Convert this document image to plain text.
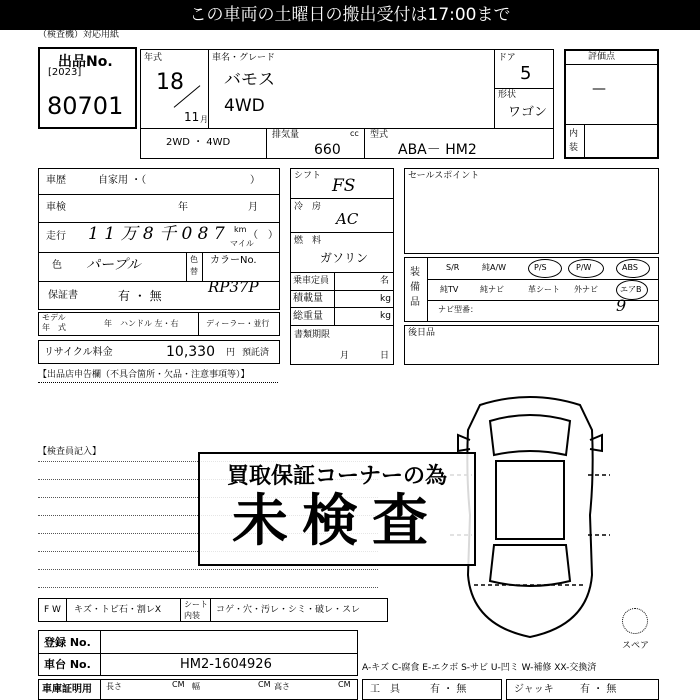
この車両の土曜日の搬出受付は17:00まで
（検査機）対応用紙
出品No.
[2023]
80701
年式
18
11 月
車名・グレード
バモス
4WD
ドア
5
形状
ワゴン
2WD ・ 4WD
排気量	cc
660
型式
ABA－ HM2
評価点
—
内
装
車歴	自家用 ・（	）
車検	年	月
走行 1 1 万 8 千 0 8 7 km
マイル
（　）
色 パープル	色
替
カラーNo.
保証書	有 ・ 無	RP37P
モデル
年　式	年 ハンドル 左・右	ディーラー・並行
リサイクル料金	10,330 円 預託済
シフト FS
冷　房
AC
燃　料
ガソリン
乗車定員	名
積載量	kg
総重量	kg
書類期限
月	日
セールスポイント
装
備
品
S/R	純A/W	P/S	P/W	ABS
純TV	純ナビ	革シート 外ナビ	エアB
ナビ型番：	9
後日品
【出品店申告欄（不具合箇所・欠品・注意事項等）】
【検査員記入】
スペア
買取保証コーナーの為
未検査
F W キズ・トビ石・割レX
シート
内装
コゲ・穴・汚レ・シミ・破レ・スレ
登録 No.
車台 No.	HM2-1604926
車庫証明用 長さ	CM 幅	CM 高さ	CM
A-キズ C-腐食 E-エクボ S-サビ U-凹ミ W-補修 XX-交換済
工　具	有 ・ 無	ジャッキ	有 ・ 無
